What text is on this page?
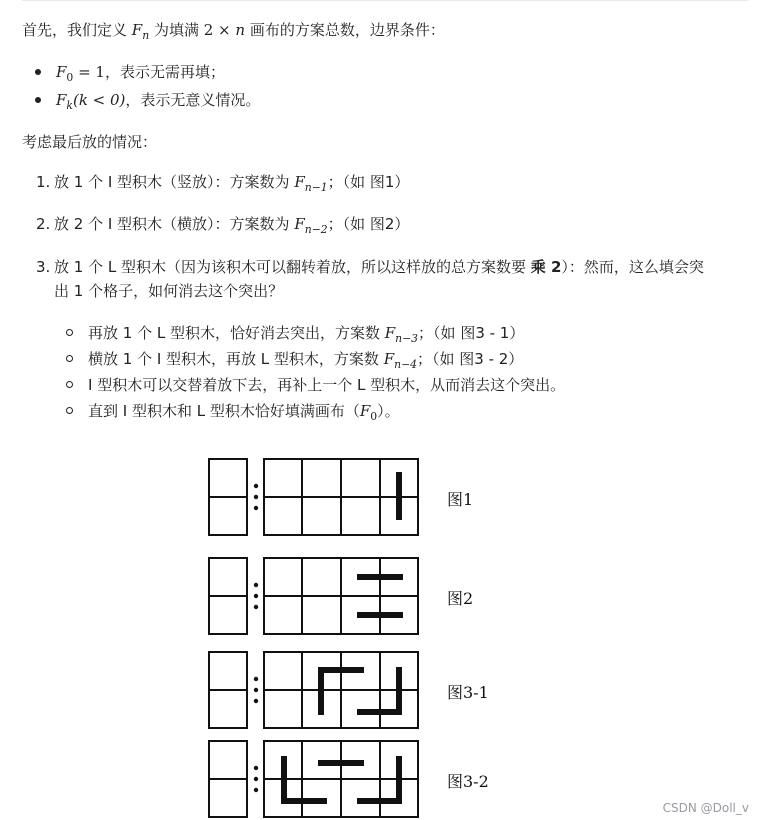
首先，我们定义 $F_n$ 为填满 2 × n 画布的方案总数，边界条件：

$F_0 = 1$，表示无需再填；
$F_k(k < 0)$，表示无意义情况。

考虑最后放的情况：

1. 放 1 个 I 型积木（竖放）：方案数为 $F_{n-1}$；（如 图1）

2. 放 2 个 I 型积木（横放）：方案数为 $F_{n-2}$；（如 图2）

3. 放 1 个 L 型积木（因为该积木可以翻转着放，所以这样放的总方案数要 乘 2）：然而，这么填会突
出 1 个格子，如何消去这个突出？

再放 1 个 L 型积木，恰好消去突出，方案数 $F_{n-3}$；（如 图3 - 1）
横放 1 个 I 型积木，再放 L 型积木，方案数 $F_{n-4}$；（如 图3 - 2）
I 型积木可以交替着放下去，再补上一个 L 型积木，从而消去这个突出。
直到 I 型积木和 L 型积木恰好填满画布$(F_0)$。
图1
图2
图3-1
图3-2
CSDN @Doll_v
